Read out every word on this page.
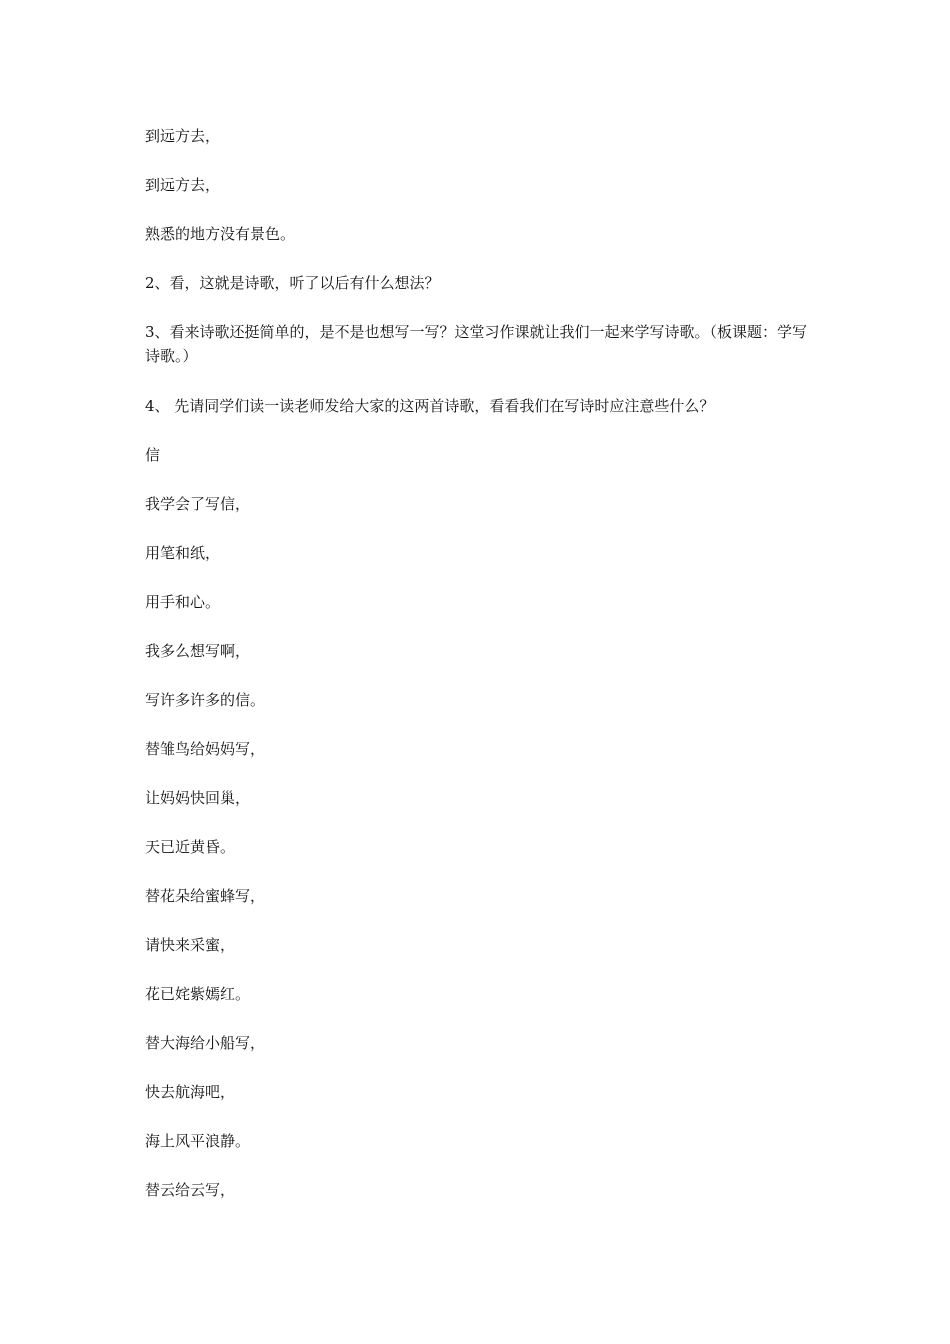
到远方去，

到远方去，

熟悉的地方没有景色。

2、看，这就是诗歌，听了以后有什么想法？

3、看来诗歌还挺简单的，是不是也想写一写？这堂习作课就让我们一起来学写诗歌。（板课题：学写诗歌。）

4、 先请同学们读一读老师发给大家的这两首诗歌，看看我们在写诗时应注意些什么？

信

我学会了写信，

用笔和纸，

用手和心。

我多么想写啊，

写许多许多的信。

替雏鸟给妈妈写，

让妈妈快回巢，

天已近黄昏。

替花朵给蜜蜂写，

请快来采蜜，

花已姹紫嫣红。

替大海给小船写，

快去航海吧，

海上风平浪静。

替云给云写，
